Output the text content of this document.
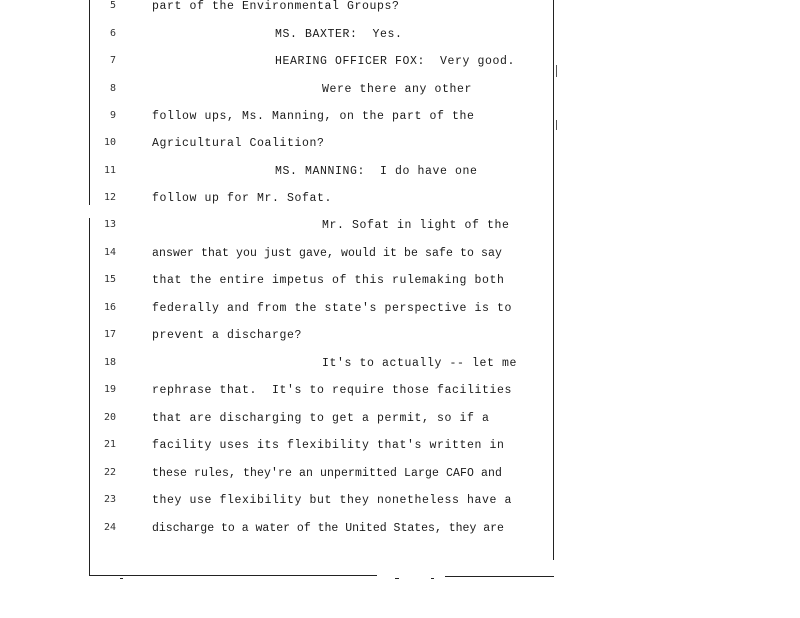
5	part of the Environmental Groups?
6	MS. BAXTER:  Yes.
7	HEARING OFFICER FOX:  Very good.
8	Were there any other
9	follow ups, Ms. Manning, on the part of the
10	Agricultural Coalition?
11	MS. MANNING:  I do have one
12	follow up for Mr. Sofat.
13	Mr. Sofat in light of the
14	answer that you just gave, would it be safe to say
15	that the entire impetus of this rulemaking both
16	federally and from the state's perspective is to
17	prevent a discharge?
18	It's to actually -- let me
19	rephrase that.  It's to require those facilities
20	that are discharging to get a permit, so if a
21	facility uses its flexibility that's written in
22	these rules, they're an unpermitted Large CAFO and
23	they use flexibility but they nonetheless have a
24	discharge to a water of the United States, they are
